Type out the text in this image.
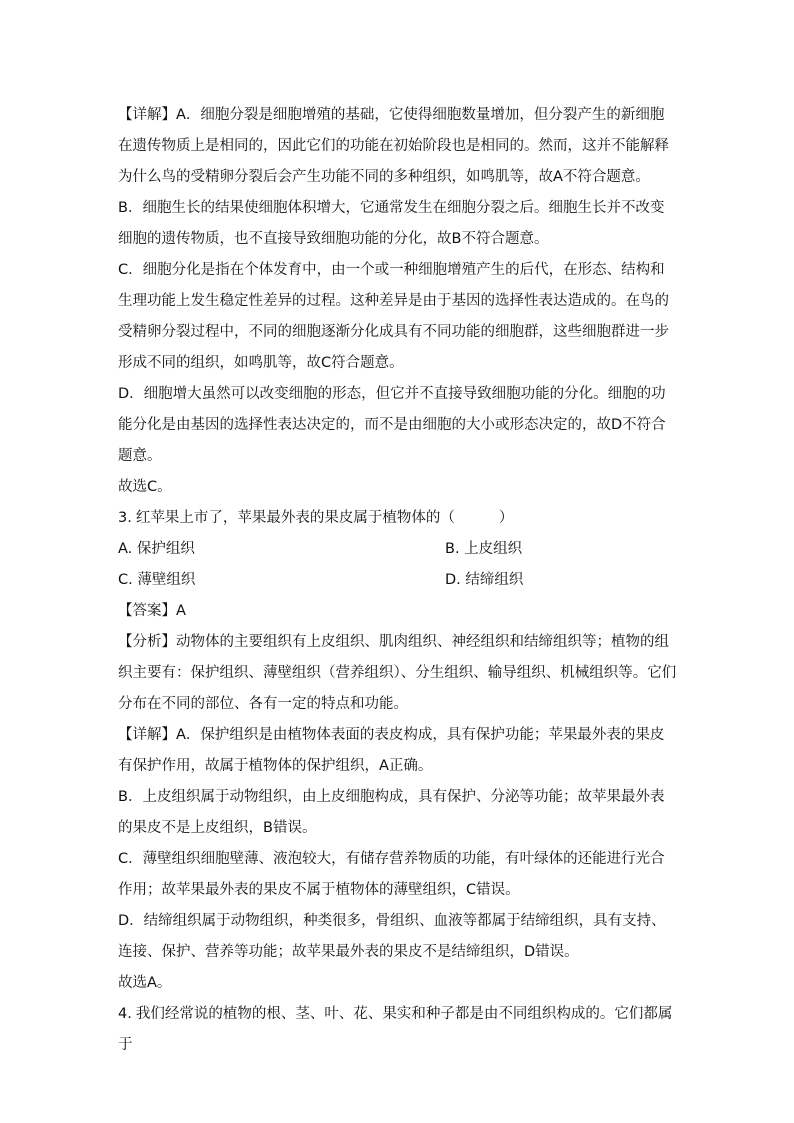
【详解】A．细胞分裂是细胞增殖的基础，它使得细胞数量增加，但分裂产生的新细胞在遗传物质上是相同的，因此它们的功能在初始阶段也是相同的。然而，这并不能解释为什么鸟的受精卵分裂后会产生功能不同的多种组织，如鸣肌等，故A不符合题意。

B．细胞生长的结果使细胞体积增大，它通常发生在细胞分裂之后。细胞生长并不改变细胞的遗传物质，也不直接导致细胞功能的分化，故B不符合题意。

C．细胞分化是指在个体发育中，由一个或一种细胞增殖产生的后代，在形态、结构和生理功能上发生稳定性差异的过程。这种差异是由于基因的选择性表达造成的。在鸟的受精卵分裂过程中，不同的细胞逐渐分化成具有不同功能的细胞群，这些细胞群进一步形成不同的组织，如鸣肌等，故C符合题意。

D．细胞增大虽然可以改变细胞的形态，但它并不直接导致细胞功能的分化。细胞的功能分化是由基因的选择性表达决定的，而不是由细胞的大小或形态决定的，故D不符合题意。

故选C。

3. 红苹果上市了，苹果最外表的果皮属于植物体的（	）

A. 保护组织	B. 上皮组织
C. 薄壁组织	D. 结缔组织

【答案】A

【分析】动物体的主要组织有上皮组织、肌肉组织、神经组织和结缔组织等；植物的组织主要有：保护组织、薄壁组织（营养组织）、分生组织、输导组织、机械组织等。它们分布在不同的部位、各有一定的特点和功能。

【详解】A．保护组织是由植物体表面的表皮构成，具有保护功能；苹果最外表的果皮有保护作用，故属于植物体的保护组织，A正确。

B．上皮组织属于动物组织，由上皮细胞构成，具有保护、分泌等功能；故苹果最外表的果皮不是上皮组织，B错误。

C．薄壁组织细胞壁薄、液泡较大，有储存营养物质的功能，有叶绿体的还能进行光合作用；故苹果最外表的果皮不属于植物体的薄壁组织，C错误。

D．结缔组织属于动物组织，种类很多，骨组织、血液等都属于结缔组织，具有支持、连接、保护、营养等功能；故苹果最外表的果皮不是结缔组织，D错误。

故选A。

4. 我们经常说的植物的根、茎、叶、花、果实和种子都是由不同组织构成的。它们都属于
